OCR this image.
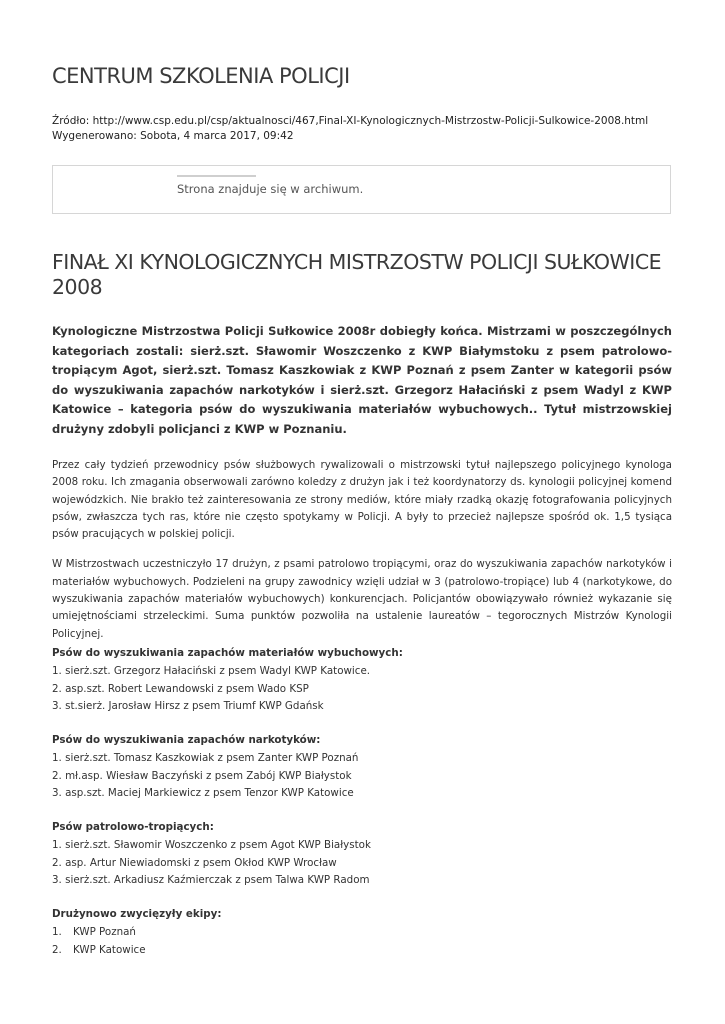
CENTRUM SZKOLENIA POLICJI
Źródło: http://www.csp.edu.pl/csp/aktualnosci/467,Final-XI-Kynologicznych-Mistrzostw-Policji-Sulkowice-2008.html
Wygenerowano: Sobota, 4 marca 2017, 09:42
Strona znajduje się w archiwum.
FINAŁ XI KYNOLOGICZNYCH MISTRZOSTW POLICJI SUŁKOWICE 2008

Kynologiczne Mistrzostwa Policji Sułkowice 2008r dobiegły końca. Mistrzami w poszczególnych kategoriach zostali: sierż.szt. Sławomir Woszczenko z KWP Białymstoku z psem patrolowo-tropiącym Agot, sierż.szt. Tomasz Kaszkowiak z KWP Poznań z psem Zanter w kategorii psów do wyszukiwania zapachów narkotyków i sierż.szt. Grzegorz Hałaciński z psem Wadyl z KWP Katowice – kategoria psów do wyszukiwania materiałów wybuchowych.. Tytuł mistrzowskiej drużyny zdobyli policjanci z KWP w Poznaniu.

Przez cały tydzień przewodnicy psów służbowych rywalizowali o mistrzowski tytuł najlepszego policyjnego kynologa 2008 roku. Ich zmagania obserwowali zarówno koledzy z drużyn jak i też koordynatorzy ds. kynologii policyjnej komend wojewódzkich. Nie brakło też zainteresowania ze strony mediów, które miały rzadką okazję fotografowania policyjnych psów, zwłaszcza tych ras, które nie często spotykamy w Policji. A były to przecież najlepsze spośród ok. 1,5 tysiąca psów pracujących w polskiej policji.

W Mistrzostwach uczestniczyło 17 drużyn, z psami patrolowo tropiącymi, oraz do wyszukiwania zapachów narkotyków i materiałów wybuchowych. Podzieleni na grupy zawodnicy wzięli udział w 3 (patrolowo-tropiące) lub 4 (narkotykowe, do wyszukiwania zapachów materiałów wybuchowych) konkurencjach. Policjantów obowiązywało również wykazanie się umiejętnościami strzeleckimi. Suma punktów pozwoliła na ustalenie laureatów – tegorocznych Mistrzów Kynologii Policyjnej.

Psów do wyszukiwania zapachów materiałów wybuchowych:
1. sierż.szt. Grzegorz Hałaciński z psem Wadyl KWP Katowice.
2. asp.szt. Robert Lewandowski z psem Wado KSP
3. st.sierż. Jarosław Hirsz z psem Triumf KWP Gdańsk
Psów do wyszukiwania zapachów narkotyków:
1. sierż.szt. Tomasz Kaszkowiak z psem Zanter KWP Poznań
2. mł.asp. Wiesław Baczyński z psem Zabój KWP Białystok
3. asp.szt. Maciej Markiewicz z psem Tenzor KWP Katowice
Psów patrolowo-tropiących:
1. sierż.szt. Sławomir Woszczenko z psem Agot KWP Białystok
2. asp. Artur Niewiadomski z psem Okłod KWP Wrocław
3. sierż.szt. Arkadiusz Kaźmierczak z psem Talwa KWP Radom
Drużynowo zwycięzyły ekipy:
1.	KWP Poznań
2.	KWP Katowice
